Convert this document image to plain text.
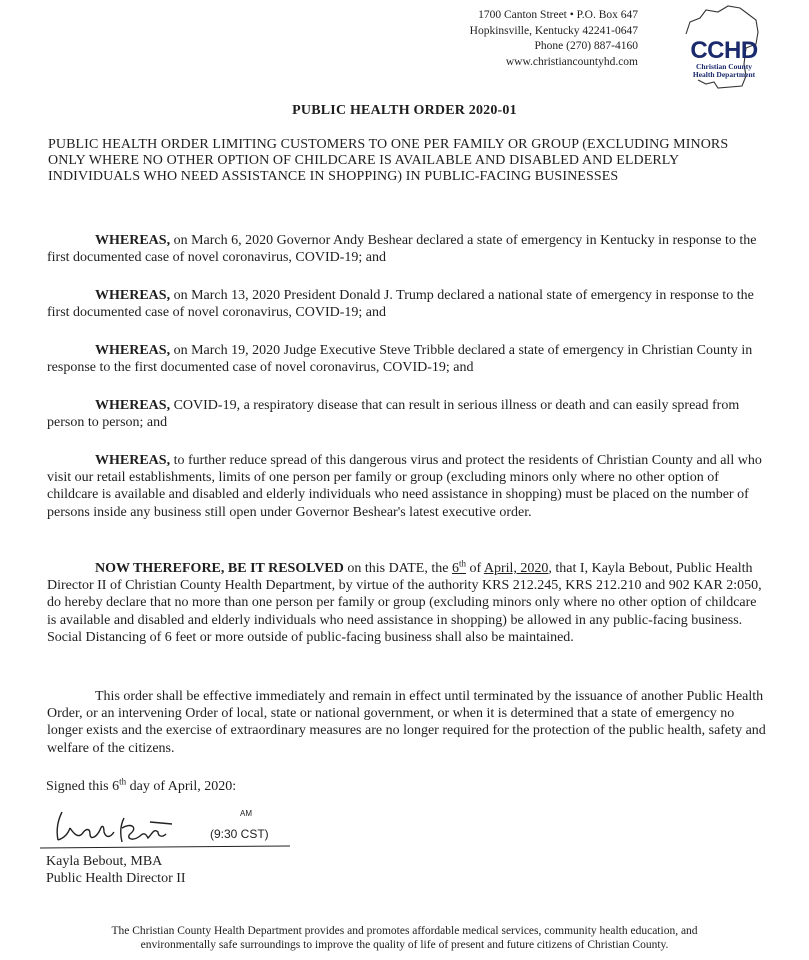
1700 Canton Street • P.O. Box 647
Hopkinsville, Kentucky 42241-0647
Phone (270) 887-4160
www.christiancountyhd.com	CCHD
Christian County
Health Department
PUBLIC HEALTH ORDER 2020-01
PUBLIC HEALTH ORDER LIMITING CUSTOMERS TO ONE PER FAMILY OR GROUP (EXCLUDING MINORS ONLY WHERE NO OTHER OPTION OF CHILDCARE IS AVAILABLE AND DISABLED AND ELDERLY INDIVIDUALS WHO NEED ASSISTANCE IN SHOPPING) IN PUBLIC-FACING BUSINESSES
WHEREAS, on March 6, 2020 Governor Andy Beshear declared a state of emergency in Kentucky in response to the first documented case of novel coronavirus, COVID-19; and
WHEREAS, on March 13, 2020 President Donald J. Trump declared a national state of emergency in response to the first documented case of novel coronavirus, COVID-19; and
WHEREAS, on March 19, 2020 Judge Executive Steve Tribble declared a state of emergency in Christian County in response to the first documented case of novel coronavirus, COVID-19; and
WHEREAS, COVID-19, a respiratory disease that can result in serious illness or death and can easily spread from person to person; and
WHEREAS, to further reduce spread of this dangerous virus and protect the residents of Christian County and all who visit our retail establishments, limits of one person per family or group (excluding minors only where no other option of childcare is available and disabled and elderly individuals who need assistance in shopping) must be placed on the number of persons inside any business still open under Governor Beshear's latest executive order.
NOW THEREFORE, BE IT RESOLVED on this DATE, the 6th of April, 2020, that I, Kayla Bebout, Public Health Director II of Christian County Health Department, by virtue of the authority KRS 212.245, KRS 212.210 and 902 KAR 2:050, do hereby declare that no more than one person per family or group (excluding minors only where no other option of childcare is available and disabled and elderly individuals who need assistance in shopping) be allowed in any public-facing business. Social Distancing of 6 feet or more outside of public-facing business shall also be maintained.
This order shall be effective immediately and remain in effect until terminated by the issuance of another Public Health Order, or an intervening Order of local, state or national government, or when it is determined that a state of emergency no longer exists and the exercise of extraordinary measures are no longer required for the protection of the public health, safety and welfare of the citizens.
Signed this 6th day of April, 2020:
AM
(9:30 CST)
Kayla Bebout, MBA
Public Health Director II
The Christian County Health Department provides and promotes affordable medical services, community health education, and
environmentally safe surroundings to improve the quality of life of present and future citizens of Christian County.
